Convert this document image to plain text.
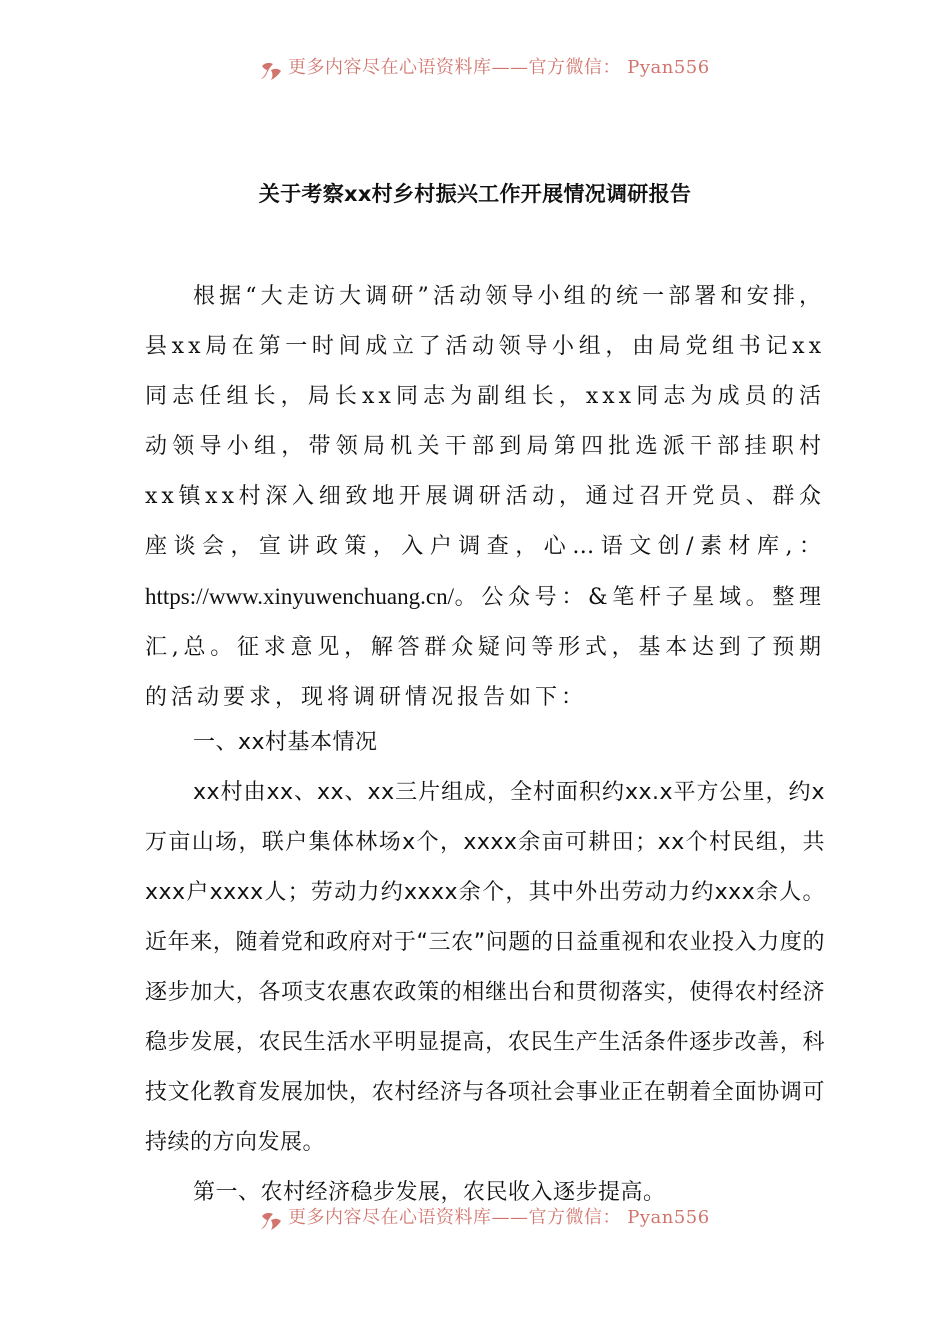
更多内容尽在心语资料库——官方微信： Pyan556
关于考察xx村乡村振兴工作开展情况调研报告

根据“大走访大调研”活动领导小组的统一部署和安排，县xx局在第一时间成立了活动领导小组，由局党组书记xx同志任组长，局长xx同志为副组长，xxx同志为成员的活动领导小组，带领局机关干部到局第四批选派干部挂职村xx镇xx村深入细致地开展调研活动，通过召开党员、群众座谈会，宣讲政策，入户调查，心…语文创/素材库,：https://www.xinyuwenchuang.cn/。公众号：&笔杆子星域。整理汇,总。征求意见，解答群众疑问等形式，基本达到了预期的活动要求，现将调研情况报告如下：

一、xx村基本情况

xx村由xx、xx、xx三片组成，全村面积约xx.x平方公里，约x万亩山场，联户集体林场x个，xxxx余亩可耕田；xx个村民组，共xxx户xxxx人；劳动力约xxxx余个，其中外出劳动力约xxx余人。近年来，随着党和政府对于“三农”问题的日益重视和农业投入力度的逐步加大，各项支农惠农政策的相继出台和贯彻落实，使得农村经济稳步发展，农民生活水平明显提高，农民生产生活条件逐步改善，科技文化教育发展加快，农村经济与各项社会事业正在朝着全面协调可持续的方向发展。

第一、农村经济稳步发展，农民收入逐步提高。

更多内容尽在心语资料库——官方微信： Pyan556
